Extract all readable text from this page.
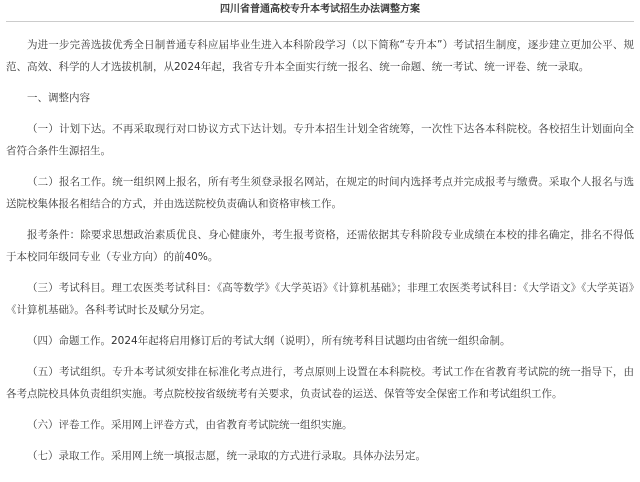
四川省普通高校专升本考试招生办法调整方案

为进一步完善选拔优秀全日制普通专科应届毕业生进入本科阶段学习（以下简称“专升本”）考试招生制度，逐步建立更加公平、规范、高效、科学的人才选拔机制，从2024年起，我省专升本全面实行统一报名、统一命题、统一考试、统一评卷、统一录取。

一、调整内容

（一）计划下达。不再采取现行对口协议方式下达计划。专升本招生计划全省统筹，一次性下达各本科院校。各校招生计划面向全省符合条件生源招生。

（二）报名工作。统一组织网上报名，所有考生须登录报名网站，在规定的时间内选择考点并完成报考与缴费。采取个人报名与选送院校集体报名相结合的方式，并由选送院校负责确认和资格审核工作。

报考条件：除要求思想政治素质优良、身心健康外，考生报考资格，还需依据其专科阶段专业成绩在本校的排名确定，排名不得低于本校同年级同专业（专业方向）的前40%。

（三）考试科目。理工农医类考试科目：《高等数学》《大学英语》《计算机基础》；非理工农医类考试科目：《大学语文》《大学英语》《计算机基础》。各科考试时长及赋分另定。

（四）命题工作。2024年起将启用修订后的考试大纲（说明），所有统考科目试题均由省统一组织命制。

（五）考试组织。专升本考试须安排在标准化考点进行，考点原则上设置在本科院校。考试工作在省教育考试院的统一指导下，由各考点院校具体负责组织实施。考点院校按省级统考有关要求，负责试卷的运送、保管等安全保密工作和考试组织工作。

（六）评卷工作。采用网上评卷方式，由省教育考试院统一组织实施。

（七）录取工作。采用网上统一填报志愿，统一录取的方式进行录取。具体办法另定。
